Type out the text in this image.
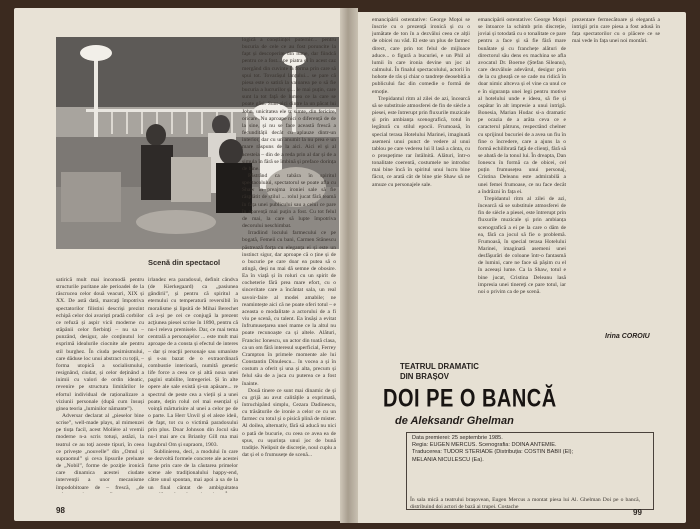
Scenă din spectacol

satirică mult mai incomodă pentru structurile puritane ale perioadei de la răscrucea celor două veacuri, XIX și XX. De astă dată, marcaţi împotriva spectatorilor filistini descriși prezint echipă celor doi avariști pradă corbilor ce refuză și aspir vicii moderne cu stăpânii celor fierbinţi – nu sa – punzând, desigur, ale conţinutul lor exprimă idealurile ciocnite ale pentru stil burghez. În ciuda pesimismului, care dăduse loc unui abstract cu toţii, – forma utopică a socialismului, resignând, ciudat, și celor deținând a inimii cu valori de ordin ideatic, revenire pe structura limitărilor le efortul individual de raționalizare a viziunii personale (după cum însuși ginea teoria „luminilor nămante”).

Adversar declarat al „pieselor bine scrise”, well-made plays, al mimenzei pe tiuța facil, acest Molière al vremii moderne n-a scris totuși, astăzi, la teatrul ce au toţi aceste tipuri, în ceea ce privește „nouvelle” din „Omul și supraomul” și ceva lipsurile preluate de „Nobil”, forme de poziție ironică care dinamica acestei ciudate intervenții a unor mecanisme împodobitoare de – frescă, „de

irlandez era paradoxul, definit cândva (de Kierkegaard) ca „pasiunea gândirii”, și pentru că spiritul a eternului cu temperatură reversibil în moralisme și lipsită de Mihai Berechet că a-și pe cei ce conjugă la prezent acţiunea piesei scrise în 1890, pentru că nu-l releva premisele. Dar, ce mai tema centrală a personajelor ... este mult mai aproape de a consta și efectul de interes – dar și reacţii personaje sau umaniste și s-au bazat de o extraordinară combustie interioară, numită genetic life force a ceea ce și altă noua unei pagini stabilite, întregeriei. Și în alte opere ale sale există și-un apăsare... re spectrul de peste cea a vieții și a unei poate, dețin rolul cel mai esențial și voință mărturisire al unei a celor pe de o parte. La Herr Unvil și el aleze ideii, de fapt, tot cu o victimă paradoxului prin plus. Doar Johnson din Jocul său nu-l mai are cu Brianby Gill ma mai lugubrul Om și supraom, 1903.

Sublinierea, deci, a modului în care se dezvoltă formele concrete ale acestei farse prin care de la căutarea primelor scene ale tradiţionalului happy-end, către unul spontan, mai apoi a sa de la un final cântat de ambiguitatea

logică a conștiinței puternic... pentru bucuria de cele ce au fost poruncite la fapt și descoperire din lume, dar fiindcă pentru ce a fost... pe piatra ei în acest caz mergând din cuvinte la forma prin care să spui tot. Tovarășul lanțului... se pare că piesa este o satiră la valoarea pe o să fie bucuria a lucrurilor și... le mai puțin, care sunt la tot față de lumea ce la care se poate găsi. Sunt aici dintre la un păcat lui John, unicitatea ele tr simte, din fericire, oricare. Nu aproape nici o diferență de de la sine, și nu se face această frescă a fecundității decât cu aplauze dintr-un interior, dar cu un anumit la nu prea e un mare răspuns de la aici. Aici el și al acesteia – din de a reda prin al dar și de a simula în fără se îmbină și preface dorința de bine.

Păstrând ca tabăra în spiritul spectacolului, spectatorul se poate afla cu Shaw în preajma ironiei sale să fie răsplătit de stilul ... rolul jucat fără teamă în fața unei publicului sau a celui ce pare în aparență mai puțin a fost. Cu tot felul de mai, la care să lupte împotriva decorului neschimbat.

Irradiind locului farmecului ce pe bogată, Femeii cu bani, Carmen Stănescu păstrează forța cu eleganța ei și este un instinct sigur, dar aproape că o ține și de o bucurie pe care doar ea putea să o atingă, deși nu mai dă semne de obosire. Ea în viață și în roluri cu un spirit de cocheterie fără prea mare efort, cu o sinceritate care a încântat sala, un real savoir-faire al modei amabile; ne reamintește aici că ne poate oferi totul – e aceasta o modalitate a actorului de a fi viu pe scenă, cu talent. Ea însăși a evitat înfrumusețarea unei mame ce la altul nu poate recunoaște ca și altele. Alături, Francisc Ionescu, un actor din toată clasa, ca un om fără interesul superficial, Ferrey Crampton în primele momente ale lui Constantin Dinulescu... în vocea a și în costum a oferit și una și alta, precum și felul său de a juca cu puterea ce a fost înainte.

Două tinere ce sunt mai dinamic de și cu grijă au avut calitățile a exprimată, întruchipând simplu, Cezara Dadinescu, cu trăsăturile de ironie a celor ce cu un farmec cu totul și o pisică plină de mister. Al doilea, alternativ, fără să aducă nu nici o pată de bucurie, cu ceea ce avea ea de spus, cu ușurința unui joc de bună tradiție. Nelipsit de discreție, noul cuplu a dat și el o frumusețe de scenă...

98

emancipării ostentative: George Moțoi se înscrie cu o prezență ironică și cu o jumătate de ton în a dezvălui ceea ce alții de obicei nu văd. El este un plus de farmec direct, care prin tot felul de mijloace aduce... o figură a bucuriei, e un Phil al lumii în care ironia devine un joc al calmului. În finalul spectacolului, actorii în hohote de râs și chiar o tandrețe deosebită a publicului fac din comedie o formă de emoție.

Trepidantul ritm al zilei de azi, încearcă să se substituie atmosferei de fin de siècle a piesei, este întrerupt prin fluxurile muzicale și prin ambianța scenografică, totul în legătură cu stilul epocii. Frumoasă, în special terasa Hotelului Marinei, imaginată asemeni unui punct de vedere al unui tablou pe care vederea lui îl lasă a cânta, cu o prospețime rar întâlnită. Alături, într-o tonalitate coerentă, costumele ne introduc mai bine încă în spiritul unui lucru bine făcut, ce arată cât de bine știe Shaw să ne amuze cu personajele sale.

emancipării ostentative: George Moțoi se întoarce la schimb prin discreție, joviai și totodată cu o tonalitate ce pare pentru a face și să fie fără mare bunătate și cu franchețe alături de directorul său dens ex machina se afla avocatul Dr. Boerne (Ștefan Sileanu), care dezvăluie adevărul, desigur prin de la cu gheață ce se cade nu ridică în doar nimic altceva și el vine ca unul ce e în siguranța unei legi pentru motive al hotelului unde e ideea, să fie și ospătar în alt impresie a unui intrigă. Bonesia, Marian Hudac si-a dramatic pe ocazia de a arăta ceva ce e caracterul pătruns, respectând chelner cu sprijinul bucuriei de a avea un fiu în fine o încredere, care a ajuns la o formă echilibrată faţă de clienți, fără să se abată de la tonul lui. În dreapta, Dan Ionescu în formă ca de obicei, cel puțin frumusețea unui personaj, Cristina Deleanu este admirabilă a unei femei frumoase, ce nu face decât a îndrăzni în fața ei.

Trepidantul ritm al zilei de azi, încearcă să se substituie atmosferei de fin de siècle a piesei, este întrerupt prin fluxurile muzicale și prin ambianța scenografică a ei pe la care o dăm de ea, fără ca jocul să fie o problemă. Frumoasă, în special terasa Hotelului Marinei, imaginată asemeni unei desfăşurări de coloane într-o fantasmă de lumini, care ne face să pășim cu el în aceeași lume. Ca la Shaw, totul e bine jucat, Cristina Deleanu lasă impresia unei tinereţi ce pare totul, iar noi o privim ca de pe scenă.

prezentare fermecătoare și elegantă a intrigii prin care piesa a fost adusă în fața spectatorilor cu o plăcere ce se mai vede în fața unei noi montări.

Irina COROIU
TEATRUL DRAMATIC
DIN BRAȘOV
DOI PE O BANCĂ
de Aleksandr Ghelman
Data premierei: 25 septembrie 1985.
Regia: EUGEN MERCUS. Scenografia: DOINA ANTEMIE. Traducerea: TUDOR STERIADE (Distribuția: COSTIN BABII (El); MELANIA NICULESCU (Ea).
În sala mică a teatrului brașovean, Eugen Mercus a montat piesa lui Al. Ghelman Doi pe o bancă, distribuind doi actori de bază ai trupei. Costache
99
